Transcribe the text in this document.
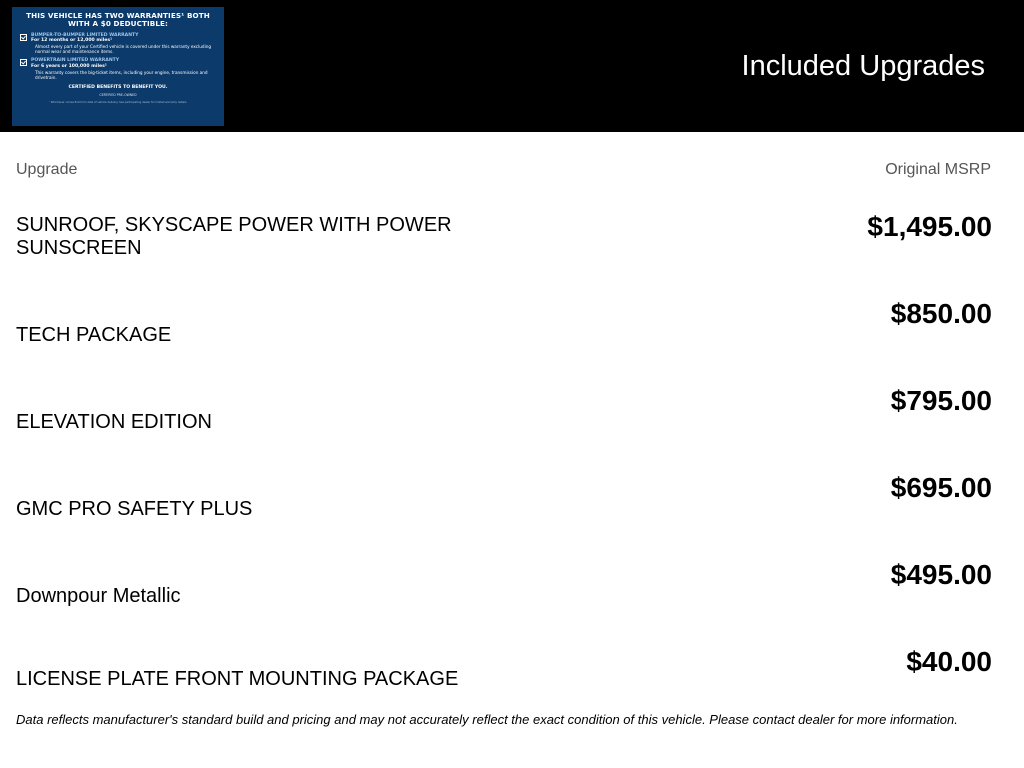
THIS VEHICLE HAS TWO WARRANTIES¹ BOTH WITH A $0 DEDUCTIBLE:
BUMPER-TO-BUMPER LIMITED WARRANTY
For 12 months or 12,000 miles¹
Almost every part of your Certified vehicle is covered under this warranty excluding normal wear and maintenance items.
POWERTRAIN LIMITED WARRANTY
For 6 years or 100,000 miles¹
This warranty covers the big-ticket items, including your engine, transmission and drivetrain.
CERTIFIED BENEFITS TO BENEFIT YOU.
CERTIFIED PRE-OWNED
¹ Whichever comes first from date of vehicle delivery. See participating dealer for limited warranty details.
Included Upgrades
Upgrade	Original MSRP
SUNROOF, SKYSCAPE POWER WITH POWER SUNSCREEN
$1,495.00
TECH PACKAGE
$850.00
ELEVATION EDITION
$795.00
GMC PRO SAFETY PLUS
$695.00
Downpour Metallic
$495.00
LICENSE PLATE FRONT MOUNTING PACKAGE
$40.00
Data reflects manufacturer's standard build and pricing and may not accurately reflect the exact condition of this vehicle. Please contact dealer for more information.
